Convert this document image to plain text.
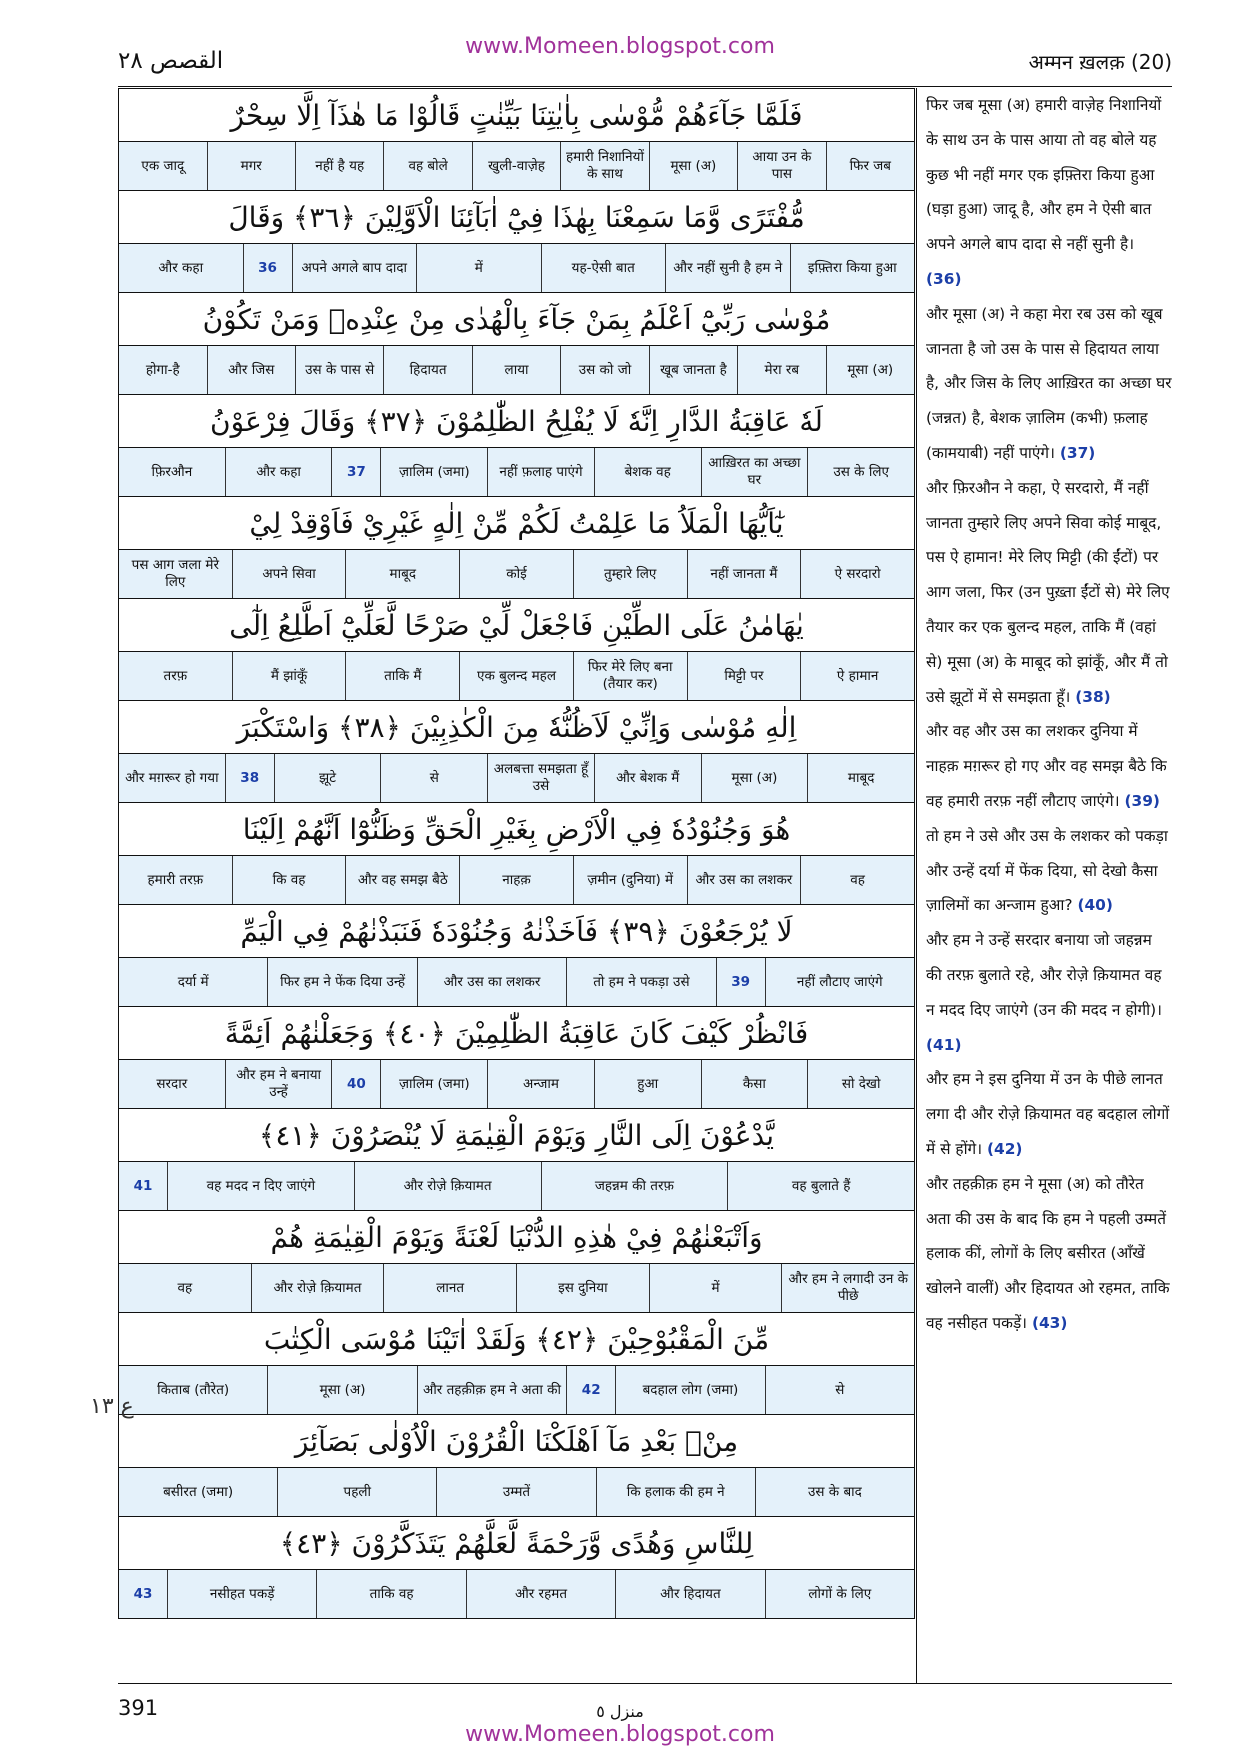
القصص ٢٨
www.Momeen.blogspot.com
अम्मन ख़लक़ (20)
فَلَمَّا جَآءَهُمْ مُّوْسٰى بِاٰيٰتِنَا بَيِّنٰتٍ قَالُوْا مَا هٰذَآ اِلَّا سِحْرٌ
फिर जब
आया उन के पास
मूसा (अ)
हमारी निशानियों के साथ
खुली-वाज़ेह
वह बोले
नहीं है यह
मगर
एक जादू
مُّفْتَرًى وَّمَا سَمِعْنَا بِهٰذَا فِيْٓ اٰبَآئِنَا الْاَوَّلِيْنَ ﴿٣٦﴾ وَقَالَ
इफ़्तिरा किया हुआ
और नहीं सुनी है हम ने
यह-ऐसी बात
में
अपने अगले बाप दादा
36
और कहा
مُوْسٰى رَبِّيْٓ اَعْلَمُ بِمَنْ جَآءَ بِالْهُدٰى مِنْ عِنْدِهٖ وَمَنْ تَكُوْنُ
मूसा (अ)
मेरा रब
खूब जानता है
उस को जो
लाया
हिदायत
उस के पास से
और जिस
होगा-है
لَهٗ عَاقِبَةُ الدَّارِ اِنَّهٗ لَا يُفْلِحُ الظّٰلِمُوْنَ ﴿٣٧﴾ وَقَالَ فِرْعَوْنُ
उस के लिए
आख़िरत का अच्छा घर
बेशक वह
नहीं फ़लाह पाएंगे
ज़ालिम (जमा)
37
और कहा
फ़िरऔन
يٰٓاَيُّهَا الْمَلَاُ مَا عَلِمْتُ لَكُمْ مِّنْ اِلٰهٍ غَيْرِيْ فَاَوْقِدْ لِيْ
ऐ सरदारो
नहीं जानता मैं
तुम्हारे लिए
कोई
माबूद
अपने सिवा
पस आग जला मेरे लिए
يٰهَامٰنُ عَلَى الطِّيْنِ فَاجْعَلْ لِّيْ صَرْحًا لَّعَلِّيْٓ اَطَّلِعُ اِلٰٓى
ऐ हामान
मिट्टी पर
फिर मेरे लिए बना (तैयार कर)
एक बुलन्द महल
ताकि मैं
मैं झांकूँ
तरफ़
اِلٰهِ مُوْسٰى وَاِنِّيْ لَاَظُنُّهٗ مِنَ الْكٰذِبِيْنَ ﴿٣٨﴾ وَاسْتَكْبَرَ
माबूद
मूसा (अ)
और बेशक मैं
अलबत्ता समझता हूँ उसे
से
झूटे
38
और मग़रूर हो गया
هُوَ وَجُنُوْدُهٗ فِي الْاَرْضِ بِغَيْرِ الْحَقِّ وَظَنُّوْٓا اَنَّهُمْ اِلَيْنَا
वह
और उस का लशकर
ज़मीन (दुनिया) में
नाहक़
और वह समझ बैठे
कि वह
हमारी तरफ़
لَا يُرْجَعُوْنَ ﴿٣٩﴾ فَاَخَذْنٰهُ وَجُنُوْدَهٗ فَنَبَذْنٰهُمْ فِي الْيَمِّ
नहीं लौटाए जाएंगे
39
तो हम ने पकड़ा उसे
और उस का लशकर
फिर हम ने फेंक दिया उन्हें
दर्या में
فَانْظُرْ كَيْفَ كَانَ عَاقِبَةُ الظّٰلِمِيْنَ ﴿٤٠﴾ وَجَعَلْنٰهُمْ اَئِمَّةً
सो देखो
कैसा
हुआ
अन्जाम
ज़ालिम (जमा)
40
और हम ने बनाया उन्हें
सरदार
يَّدْعُوْنَ اِلَى النَّارِ وَيَوْمَ الْقِيٰمَةِ لَا يُنْصَرُوْنَ ﴿٤١﴾
वह बुलाते हैं
जहन्नम की तरफ़
और रोज़े क़ियामत
वह मदद न दिए जाएंगे
41
وَاَتْبَعْنٰهُمْ فِيْ هٰذِهِ الدُّنْيَا لَعْنَةً وَيَوْمَ الْقِيٰمَةِ هُمْ
और हम ने लगादी उन के पीछे
में
इस दुनिया
लानत
और रोज़े क़ियामत
वह
مِّنَ الْمَقْبُوْحِيْنَ ﴿٤٢﴾ وَلَقَدْ اٰتَيْنَا مُوْسَى الْكِتٰبَ
से
बदहाल लोग (जमा)
42
और तहक़ीक़ हम ने अता की
मूसा (अ)
किताब (तौरेत)
مِنْۢ بَعْدِ مَآ اَهْلَكْنَا الْقُرُوْنَ الْاُوْلٰى بَصَآئِرَ
उस के बाद
कि हलाक की हम ने
उम्मतें
पहली
(जमा) बसीरत
لِلنَّاسِ وَهُدًى وَّرَحْمَةً لَّعَلَّهُمْ يَتَذَكَّرُوْنَ ﴿٤٣﴾
लोगों के लिए
और हिदायत
और रहमत
ताकि वह
नसीहत पकड़ें
43

फिर जब मूसा (अ) हमारी वाज़ेह निशानियों के साथ उन के पास आया तो वह बोले यह कुछ भी नहीं मगर एक इफ़्तिरा किया हुआ (घड़ा हुआ) जादू है, और हम ने ऐसी बात अपने अगले बाप दादा से नहीं सुनी है। (36)

और मूसा (अ) ने कहा मेरा रब उस को खूब जानता है जो उस के पास से हिदायत लाया है, और जिस के लिए आख़िरत का अच्छा घर (जन्नत) है, बेशक ज़ालिम (कभी) फ़लाह (कामयाबी) नहीं पाएंगे। (37)

और फ़िरऔन ने कहा, ऐ सरदारो, मैं नहीं जानता तुम्हारे लिए अपने सिवा कोई माबूद, पस ऐ हामान! मेरे लिए मिट्टी (की ईंटों) पर आग जला, फिर (उन पुख़्ता ईंटों से) मेरे लिए तैयार कर एक बुलन्द महल, ताकि मैं (वहां से) मूसा (अ) के माबूद को झांकूँ, और मैं तो उसे झूटों में से समझता हूँ। (38)

और वह और उस का लशकर दुनिया में नाहक़ मग़रूर हो गए और वह समझ बैठे कि वह हमारी तरफ़ नहीं लौटाए जाएंगे। (39)

तो हम ने उसे और उस के लशकर को पकड़ा और उन्हें दर्या में फेंक दिया, सो देखो कैसा ज़ालिमों का अन्जाम हुआ? (40)

और हम ने उन्हें सरदार बनाया जो जहन्नम की तरफ़ बुलाते रहे, और रोज़े क़ियामत वह न मदद दिए जाएंगे (उन की मदद न होगी)। (41)

और हम ने इस दुनिया में उन के पीछे लानत लगा दी और रोज़े क़ियामत वह बदहाल लोगों में से होंगे। (42)

और तहक़ीक़ हम ने मूसा (अ) को तौरेत अता की उस के बाद कि हम ने पहली उम्मतें हलाक कीं, लोगों के लिए बसीरत (आँखें खोलने वालीं) और हिदायत ओ रहमत, ताकि वह नसीहत पकड़ें। (43)

ع ۱۳
391	منزل ٥
www.Momeen.blogspot.com
